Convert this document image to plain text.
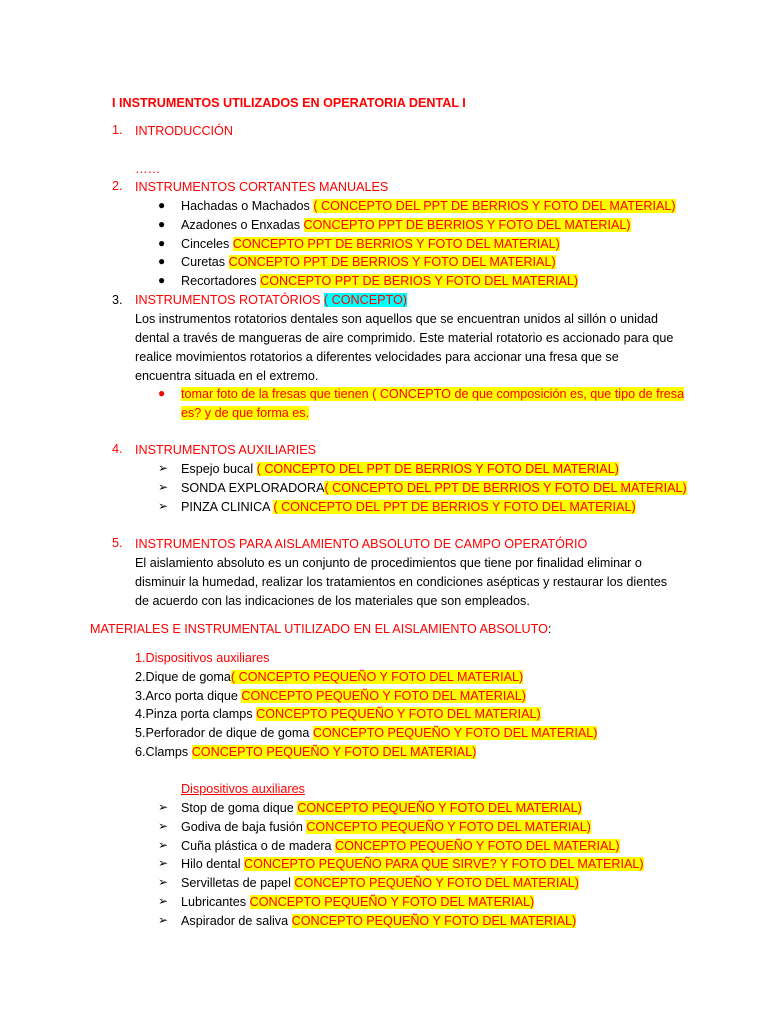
I INSTRUMENTOS UTILIZADOS EN OPERATORIA DENTAL I
1. INTRODUCCIÓN
……
2. INSTRUMENTOS CORTANTES MANUALES
● Hachadas o Machados ( CONCEPTO DEL PPT DE BERRIOS Y FOTO DEL MATERIAL)
● Azadones o Enxadas CONCEPTO PPT DE BERRIOS Y FOTO DEL MATERIAL)
● Cinceles CONCEPTO PPT DE BERRIOS Y FOTO DEL MATERIAL)
● Curetas CONCEPTO PPT DE BERRIOS Y FOTO DEL MATERIAL)
● Recortadores CONCEPTO PPT DE BERIOS Y FOTO DEL MATERIAL)
3. INSTRUMENTOS ROTATÓRIOS ( CONCEPTO)
Los instrumentos rotatorios dentales son aquellos que se encuentran unidos al sillón o unidad
dental a través de mangueras de aire comprimido. Este material rotatorio es accionado para que
realice movimientos rotatorios a diferentes velocidades para accionar una fresa que se
encuentra situada en el extremo.
● tomar foto de la fresas que tienen ( CONCEPTO de que composición es, que tipo de fresa
es? y de que forma es.
4. INSTRUMENTOS AUXILIARIES
➢ Espejo bucal ( CONCEPTO DEL PPT DE BERRIOS Y FOTO DEL MATERIAL)
➢ SONDA EXPLORADORA( CONCEPTO DEL PPT DE BERRIOS Y FOTO DEL MATERIAL)
➢ PINZA CLINICA ( CONCEPTO DEL PPT DE BERRIOS Y FOTO DEL MATERIAL)
5. INSTRUMENTOS PARA AISLAMIENTO ABSOLUTO DE CAMPO OPERATÓRIO
El aislamiento absoluto es un conjunto de procedimientos que tiene por finalidad eliminar o
disminuir la humedad, realizar los tratamientos en condiciones asépticas y restaurar los dientes
de acuerdo con las indicaciones de los materiales que son empleados.
MATERIALES E INSTRUMENTAL UTILIZADO EN EL AISLAMIENTO ABSOLUTO:
1.Dispositivos auxiliares
2.Dique de goma( CONCEPTO PEQUEÑO Y FOTO DEL MATERIAL)
3.Arco porta dique CONCEPTO PEQUEÑO Y FOTO DEL MATERIAL)
4.Pinza porta clamps CONCEPTO PEQUEÑO Y FOTO DEL MATERIAL)
5.Perforador de dique de goma CONCEPTO PEQUEÑO Y FOTO DEL MATERIAL)
6.Clamps CONCEPTO PEQUEÑO Y FOTO DEL MATERIAL)
Dispositivos auxiliares
➢ Stop de goma dique CONCEPTO PEQUEÑO Y FOTO DEL MATERIAL)
➢ Godiva de baja fusión CONCEPTO PEQUEÑO Y FOTO DEL MATERIAL)
➢ Cuña plástica o de madera CONCEPTO PEQUEÑO Y FOTO DEL MATERIAL)
➢ Hilo dental CONCEPTO PEQUEÑO PARA QUE SIRVE? Y FOTO DEL MATERIAL)
➢ Servilletas de papel CONCEPTO PEQUEÑO Y FOTO DEL MATERIAL)
➢ Lubricantes CONCEPTO PEQUEÑO Y FOTO DEL MATERIAL)
➢ Aspirador de saliva CONCEPTO PEQUEÑO Y FOTO DEL MATERIAL)
